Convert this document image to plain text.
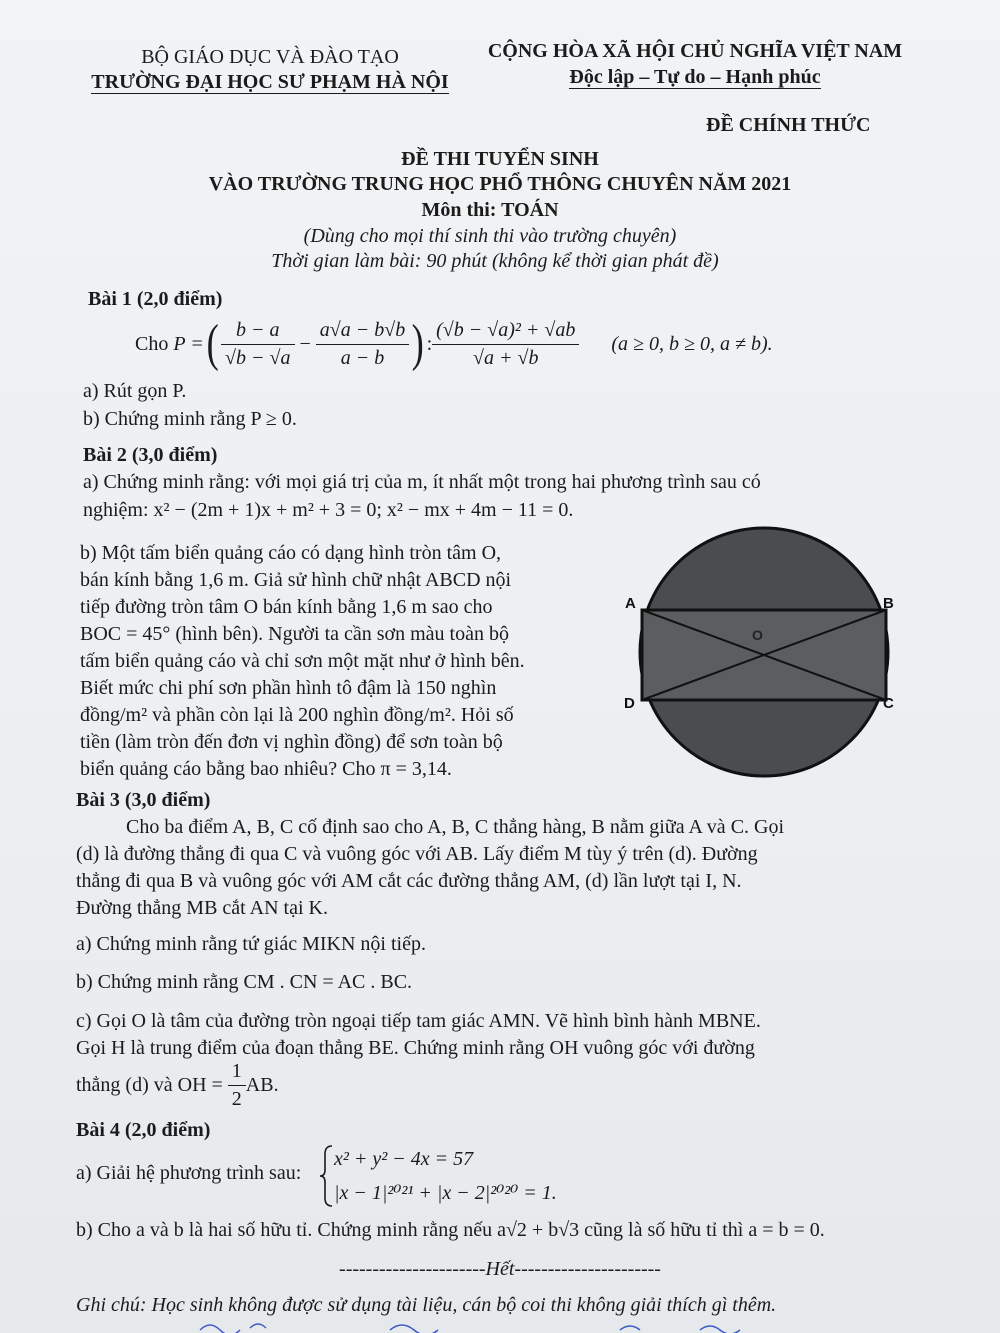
BỘ GIÁO DỤC VÀ ĐÀO TẠO
TRƯỜNG ĐẠI HỌC SƯ PHẠM HÀ NỘI
CỘNG HÒA XÃ HỘI CHỦ NGHĨA VIỆT NAM
Độc lập – Tự do – Hạnh phúc
ĐỀ CHÍNH THỨC
ĐỀ THI TUYỂN SINH
VÀO TRƯỜNG TRUNG HỌC PHỔ THÔNG CHUYÊN NĂM 2021
Môn thi: TOÁN
(Dùng cho mọi thí sinh thi vào trường chuyên)
Thời gian làm bài: 90 phút (không kể thời gian phát đề)
Bài 1 (2,0 điểm)
Cho
P = ( $\frac{b - a}{√b - √a}$
−
$\frac{a√a - b√b}{a - b}$ ) : $\frac{\text{(√b − √a)² + √ab}}{√a + √b} (a \ge 0$, b ≥ 0, a ≠ b).
a) Rút gọn P.
b) Chứng minh rằng P ≥ 0.
Bài 2 (3,0 điểm)
a) Chứng minh rằng: với mọi giá trị của m, ít nhất một trong hai phương trình sau có
nghiệm: x² − (2m + 1)x + m² + 3 = 0; x² − mx + 4m − 11 = 0.
b) Một tấm biển quảng cáo có dạng hình tròn tâm O,
bán kính bằng 1,6 m. Giả sử hình chữ nhật ABCD nội
tiếp đường tròn tâm O bán kính bằng 1,6 m sao cho
BOC = 45° (hình bên). Người ta cần sơn màu toàn bộ
tấm biển quảng cáo và chỉ sơn một mặt như ở hình bên.
Biết mức chi phí sơn phần hình tô đậm là 150 nghìn
đồng/m² và phần còn lại là 200 nghìn đồng/m². Hỏi số
tiền (làm tròn đến đơn vị nghìn đồng) để sơn toàn bộ
biển quảng cáo bằng bao nhiêu? Cho π = 3,14.
A	B
C
D
O
Bài 3 (3,0 điểm)
Cho ba điểm A, B, C cố định sao cho A, B, C thẳng hàng, B nằm giữa A và C. Gọi
(d) là đường thẳng đi qua C và vuông góc với AB. Lấy điểm M tùy ý trên (d). Đường
thẳng đi qua B và vuông góc với AM cắt các đường thẳng AM, (d) lần lượt tại I, N.
Đường thẳng MB cắt AN tại K.
a) Chứng minh rằng tứ giác MIKN nội tiếp.
b) Chứng minh rằng CM . CN = AC . BC.
c) Gọi O là tâm của đường tròn ngoại tiếp tam giác AMN. Vẽ hình bình hành MBNE.
Gọi H là trung điểm của đoạn thẳng BE. Chứng minh rằng OH vuông góc với đường
thẳng (d) và OH =
$\frac{1}{2}$ AB.
Bài 4 (2,0 điểm)
a) Giải hệ phương trình sau:
x² + y² − 4x = 57
|x − 1|²⁰²¹ + |x − 2|²⁰²⁰ = 1.
b) Cho a và b là hai số hữu tỉ. Chứng minh rằng nếu a√2 + b√3 cũng là số hữu tỉ thì a = b = 0.
----------------------Hết----------------------
Ghi chú: Học sinh không được sử dụng tài liệu, cán bộ coi thi không giải thích gì thêm.
